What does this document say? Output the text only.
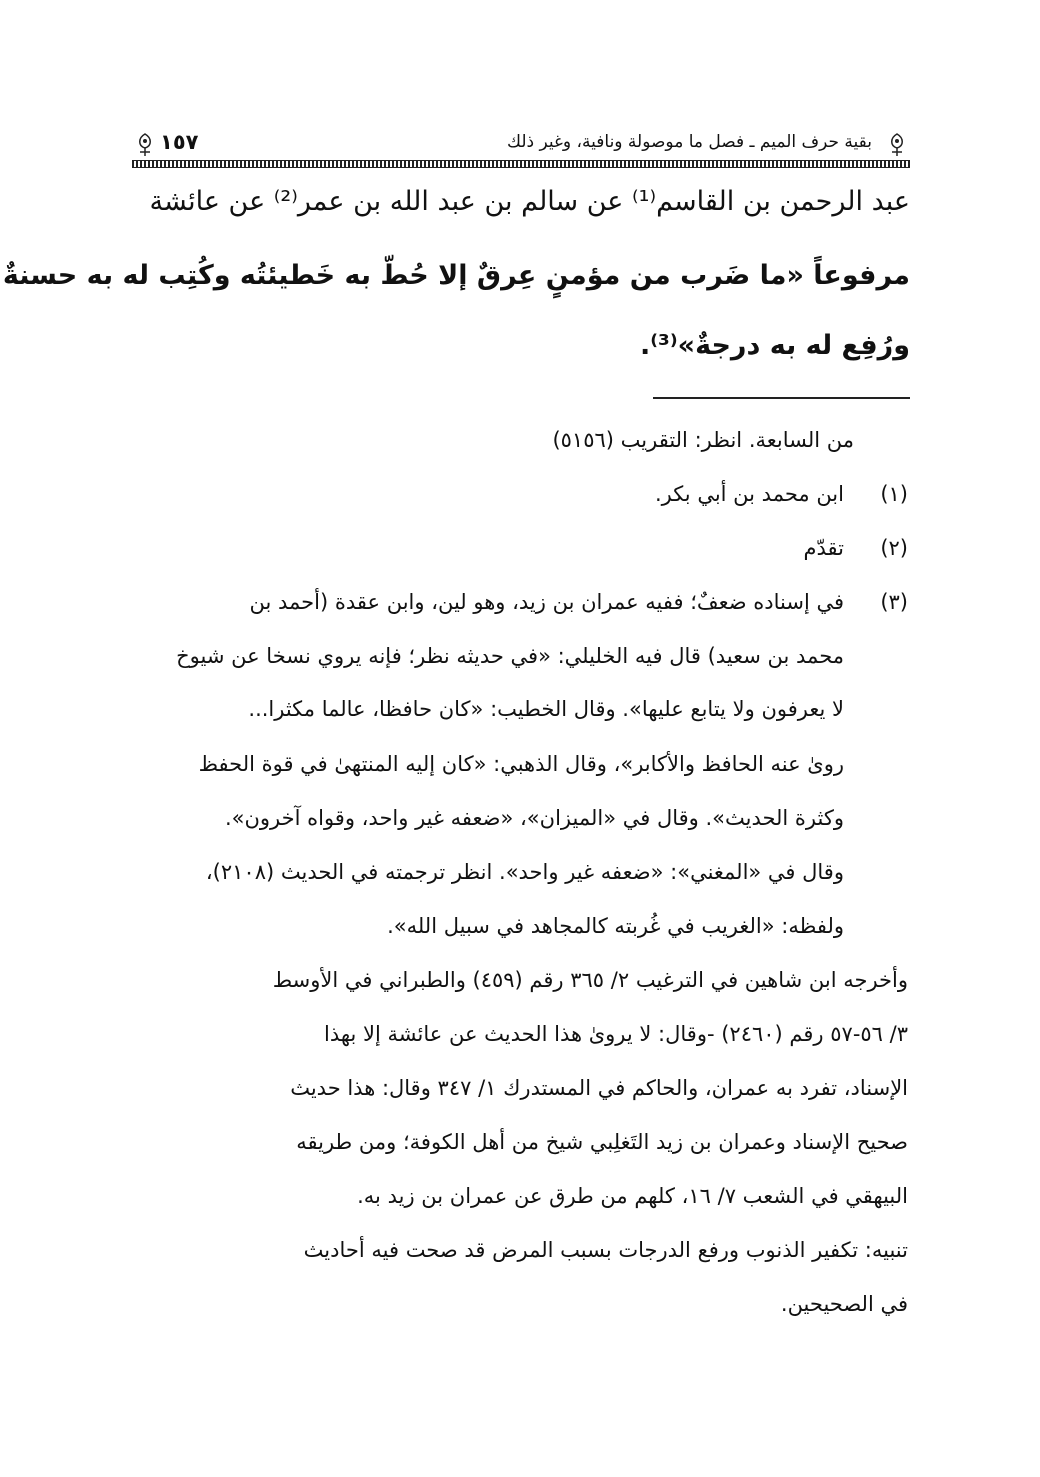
بقية حرف الميم ـ فصل ما موصولة ونافية، وغير ذلك
١٥٧
عبد الرحمن بن القاسم⁽¹⁾ عن سالم بن عبد الله بن عمر⁽²⁾ عن عائشة
مرفوعاً «ما ضَرب من مؤمنٍ عِرقٌ إلا حُطّ به خَطيئتُه وكُتِب له به حسنةٌ
ورُفِع له به درجةٌ»⁽³⁾.
من السابعة. انظر: التقريب (٥١٥٦)
(١)
ابن محمد بن أبي بكر.
(٢)
تقدّم
(٣)
في إسناده ضعفٌ؛ ففيه عمران بن زيد، وهو لين، وابن عقدة (أحمد بن
محمد بن سعيد) قال فيه الخليلي: «في حديثه نظر؛ فإنه يروي نسخا عن شيوخ
لا يعرفون ولا يتابع عليها». وقال الخطيب: «كان حافظا، عالما مكثرا...
روىٰ عنه الحافظ والأكابر»، وقال الذهبي: «كان إليه المنتهىٰ في قوة الحفظ
وكثرة الحديث». وقال في «الميزان»، «ضعفه غير واحد، وقواه آخرون».
وقال في «المغني»: «ضعفه غير واحد». انظر ترجمته في الحديث (٢١٠٨)،
ولفظه: «الغريب في غُربته كالمجاهد في سبيل الله».
وأخرجه ابن شاهين في الترغيب ٢/ ٣٦٥ رقم (٤٥٩) والطبراني في الأوسط
٣/ ٥٦-٥٧ رقم (٢٤٦٠) -وقال: لا يروىٰ هذا الحديث عن عائشة إلا بهذا
الإسناد، تفرد به عمران، والحاكم في المستدرك ١/ ٣٤٧ وقال: هذا حديث
صحيح الإسناد وعمران بن زيد التَغلِبي شيخ من أهل الكوفة؛ ومن طريقه
البيهقي في الشعب ٧/ ١٦، كلهم من طرق عن عمران بن زيد به.
تنبيه: تكفير الذنوب ورفع الدرجات بسبب المرض قد صحت فيه أحاديث
في الصحيحين.
